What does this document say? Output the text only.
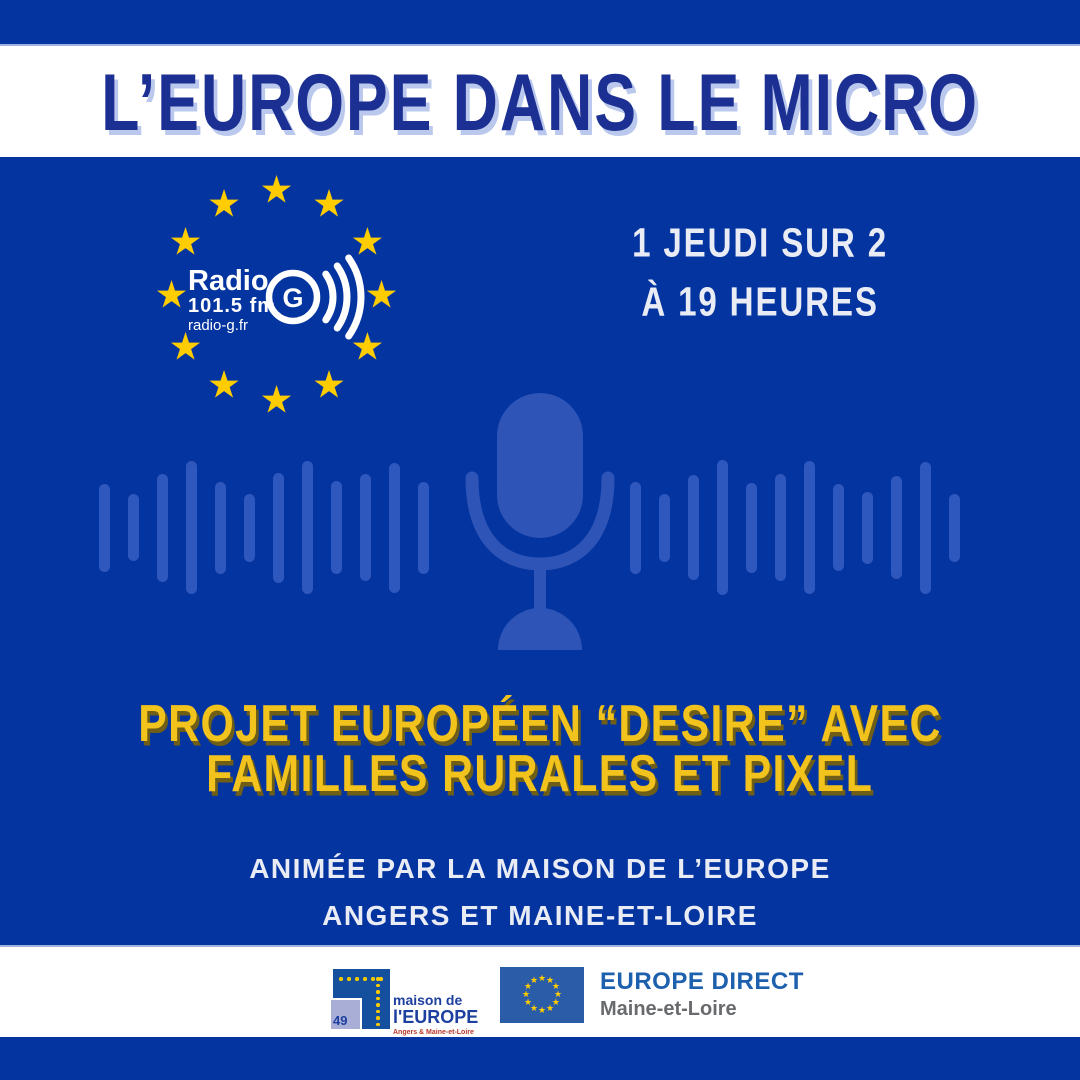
L’EUROPE DANS LE MICRO
★ ★
★
★
★
★
★
★
★
★
★
★
Radio
101.5 fm
radio-g.fr
G
1 JEUDI SUR 2
À 19 HEURES
PROJET EUROPÉEN “DESIRE” AVEC
FAMILLES RURALES ET PIXEL
ANIMÉE PAR LA MAISON DE L’EUROPE
ANGERS ET MAINE-ET-LOIRE
49
maison de
l'EUROPE
Angers & Maine-et-Loire
★ ★
★
★
★
★
★
★
★
★
★
★	EUROPE DIRECT
Maine-et-Loire
